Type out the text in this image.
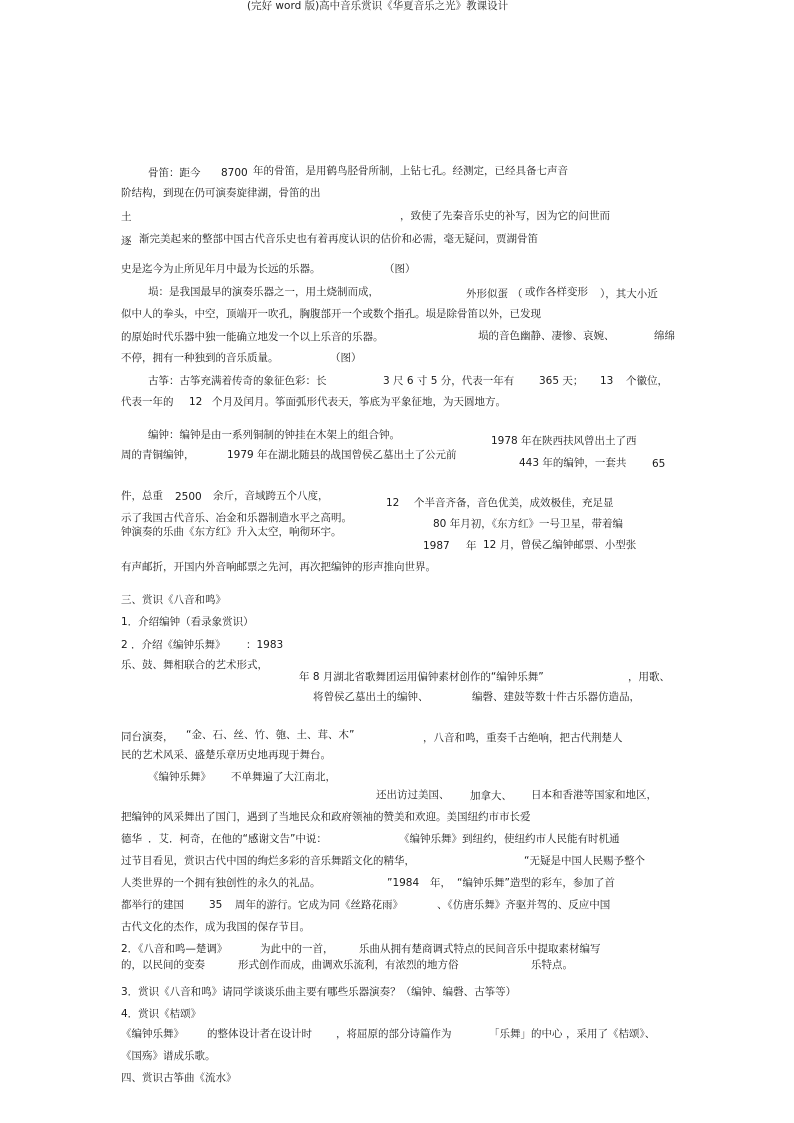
(完好 word 版)高中音乐赏识《华夏音乐之光》教课设计
骨笛：距今 8700 年的骨笛，是用鹤鸟胫骨所制，上钻七孔。经测定，已经具备七声音
阶结构，到现在仍可演奏旋律湖，骨笛的出
土	，致使了先秦音乐史的补写，因为它的问世而
逐 渐完美起来的整部中国古代音乐史也有着再度认识的估价和必需，毫无疑问，贾湖骨笛
史是迄今为止所见年月中最为长远的乐器。	（图）
埙：是我国最早的演奏乐器之一，用土烧制而成，	外形似蛋 （ 或作各样变形 ），其大小近
似中人的拳头，中空，顶端开一吹孔，胸腹部开一个或数个指孔。埙是除骨笛以外，已发现
的原始时代乐器中独一能确立地发一个以上乐音的乐器。	埙的音色幽静、凄惨、哀婉、	绵绵
不停，拥有一种独到的音乐质量。	（图）
古筝：古筝充满着传奇的象征色彩：长	3 尺 6 寸 5 分，代表一年有 365 天； 13 个徽位，
代表一年的 12 个月及闰月。筝面弧形代表天，筝底为平象征地，为天圆地方。
编钟：编钟是由一系列铜制的钟挂在木架上的组合钟。	1978 年在陕西扶风曾出土了西
周的青铜编钟，	1979 年在湖北随县的战国曾侯乙墓出土了公元前
443 年的编钟，一套共 65
件，总重 2500 余斤，音域跨五个八度，
12 个半音齐备，音色优美，成效极佳，充足显
示了我国古代音乐、冶金和乐器制造水平之高明。	80 年月初，《东方红》一号卫星，带着编
钟演奏的乐曲《东方红》升入太空，响彻环宇。
1987 年 12 月，曾侯乙编钟邮票、小型张
有声邮折，开国内外音响邮票之先河，再次把编钟的形声推向世界。
三、赏识《八音和鸣》
1．介绍编钟（看录象赏识）
2 ．介绍《编钟乐舞》 ：1983
乐、鼓、舞相联合的艺术形式，
年 8 月湖北省歌舞团运用偏钟素材创作的“编钟乐舞”	，用歌、
将曾侯乙墓出土的编钟、	编磬、建鼓等数十件古乐器仿造品，
同台演奏， “金、石、丝、竹、匏、土、茸、木”	，八音和鸣，重奏千古绝响，把古代荆楚人
民的艺术风采、盛楚乐章历史地再现于舞台。
《编钟乐舞》 不单舞遍了大江南北，
还出访过美国、 加拿大、 日本和香港等国家和地区，
把编钟的风采舞出了国门，遇到了当地民众和政府领袖的赞美和欢迎。美国纽约市市长爱
德华 ．艾．柯奇，在他的“感谢文告”中说：	《编钟乐舞》到纽约，使纽约市人民能有时机通
过节目看见，赏识古代中国的绚烂多彩的音乐舞蹈文化的精华，	“无疑是中国人民赐予整个
人类世界的一个拥有独创性的永久的礼品。	”1984 年， “编钟乐舞”造型的彩车，参加了首
都举行的建国 35 周年的游行。它成为同《丝路花雨》	、《仿唐乐舞》齐驱并驾的、反应中国
古代文化的杰作，成为我国的保存节目。
2．《八音和鸣—楚调》	为此中的一首， 乐曲从拥有楚商调式特点的民间音乐中提取素材编写
的，以民间的变奏	形式创作而成，曲调欢乐流利，有浓烈的地方俗	乐特点。
3．赏识《八音和鸣》请同学谈谈乐曲主要有哪些乐器演奏？（编钟、编磬、古筝等）
4．赏识《桔颂》
《编钟乐舞》 的整体设计者在设计时 ，将屈原的部分诗篇作为	「乐舞」的中心 ，采用了《桔颂》、
《国殇》谱成乐歌。
四、赏识古筝曲《流水》
